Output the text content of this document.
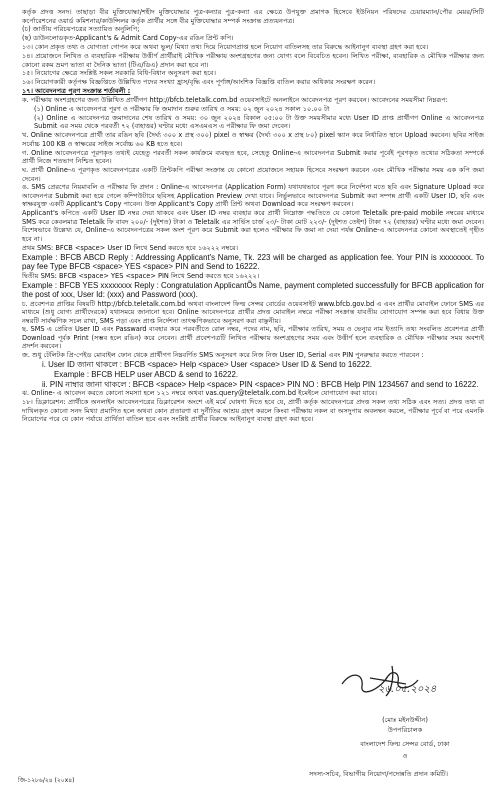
কর্তৃক প্রদত্ত সনদ। তাছাড়া বীর মুক্তিযোদ্ধা/শহীদ মুক্তিযোদ্ধার পুত্র-কন্যার পুত্র-কন্যা এর ক্ষেত্রে উপযুক্ত প্রমাণক হিসেবে ইউনিয়ন পরিষদের চেয়ারম্যান/পৌর মেয়র/সিটি কর্পোরেশনের ওয়ার্ড কমিশনার/কাউন্সিলর কর্তৃক প্রার্থীর সঙ্গে বীর মুক্তিযোদ্ধার সম্পর্ক সংক্রান্ত প্রত্যয়নপত্র।

(চ) জাতীয় পরিচয়পত্রের সত্যায়িত অনুলিপি;

(ছ) ডাউনলোডকৃত-Applicant's & Admit Card Copy-এর রঙিন প্রিন্ট কপি।

১৩। কোন প্রকৃত তথ্য ও যোগ্যতা গোপন করে অথবা ভুল/ মিথ্যা তথ্য দিয়ে নিয়োগপ্রাপ্ত হলে নিয়োগ বাতিলসহ তার বিরুদ্ধে আইনানুগ ব্যবস্থা গ্রহণ করা হবে।

১৪। প্রয়োজনে লিখিত ও ব্যবহারিক পরীক্ষায় উত্তীর্ণ প্রার্থীরাই মৌখিক পরীক্ষায় অংশগ্রহণের জন্য যোগ্য বলে বিবেচিত হবেন। লিখিত পরীক্ষা, ব্যবহারিক ও মৌখিক পরীক্ষার জন্য কোনো রকম ভ্রমণ ভাতা বা দৈনিক ভাতা (টিএ/ডিএ) প্রদান করা হবে না।

১৫। নিয়োগের ক্ষেত্রে সংশ্লিষ্ট সকল সরকারি বিধি-বিধান অনুসরণ করা হবে।

১৬। নিয়োগকারী কর্তৃপক্ষ বিজ্ঞপ্তিতে উল্লিখিত পদের সংখ্যা হ্রাস/বৃদ্ধি এবং পূর্ণাঙ্গ/আংশিক বিজ্ঞপ্তি বাতিল করার অধিকার সংরক্ষণ করেন।

১৭। আবেদনপত্র পূরণ সংক্রান্ত শর্তাবলী :

ক. পরীক্ষায় অংশগ্রহণের জন্য উল্লিখিত প্রার্থীগণ http://bfcb.teletalk.com.bd ওয়েবসাইটে অনলাইনে আবেদনপত্র পূরণ করবেন। আবেদনের সময়সীমা নিম্নরূপ:

(১) Online এ আবেদনপত্র পূরণ ও পরীক্ষার ফি জমাদান শুরুর তারিখ ও সময়: ০২ জুন ২০২৪ সকাল ১০.০০ টা

(২) Online এ আবেদনপত্র জমাদানের শেষ তারিখ ও সময়: ৩০ জুন ২০২৪ বিকাল ০৫:০০ টা উক্ত সময়সীমার মধ্যে User ID প্রাপ্ত প্রার্থীগণ Online এ আবেদনপত্র Submit এর সময় থেকে পরবর্তী ৭২ (বাহাত্তর) ঘণ্টার মধ্যে এসএমএস এ পরীক্ষার ফি জমা দেবেন।

খ. Online আবেদনপত্রে প্রার্থী তার রঙিন ছবি (দৈর্ঘ্য ৩০০ x প্রস্থ ৩০০) pixel ও স্বাক্ষর (দৈর্ঘ্য ৩০০ x প্রস্থ ৮০) pixel স্ক্যান করে নির্ধারিত স্থানে Upload করবেন। ছবির সাইজ সর্বোচ্চ 100 KB ও স্বাক্ষরের সাইজ সর্বোচ্চ ৬০ KB হতে হবে।

গ. Online আবেদনপত্রে পূরণকৃত তথ্যই যেহেতু পরবর্তী সকল কার্যক্রমে ব্যবহৃত হবে, সেহেতু Online-এ আবেদনপত্র Submit করার পূর্বেই পূরণকৃত তথ্যের সঠিকতা সম্পর্কে প্রার্থী নিজে শতভাগ নিশ্চিত হবেন।

ঘ. প্রার্থী Online-এ পূরণকৃত আবেদনপত্রের একটি প্রিন্টকপি পরীক্ষা সংক্রান্ত যে কোনো প্রয়োজনে সহায়ক হিসেবে সংরক্ষণ করবেন এবং মৌখিক পরীক্ষার সময় এক কপি জমা দেবেন।

ঙ. SMS প্রেরণের নিয়মাবলি ও পরীক্ষার ফি প্রদান : Online-এ আবেদনপত্র (Application Form) যথাযথভাবে পূরণ করে নির্দেশনা মতে ছবি এবং Signature Upload করে আবেদনপত্র Submit করা হয়ে গেলে কম্পিউটারে ছবিসহ Application Preview দেখা যাবে। নির্ভুলভাবে আবেদনপত্র Submit করা সম্পন্ন প্রার্থী একটি User ID, ছবি এবং স্বাক্ষরযুক্ত একটি Applicant's Copy পাবেন। উক্ত Applicant's Copy প্রার্থী প্রিন্ট অথবা Download করে সংরক্ষণ করবেন।

Applicant's কপিতে একটি User ID নম্বর দেয়া থাকবে এবং User ID নম্বর ব্যবহার করে প্রার্থী নিম্নোক্ত পদ্ধতিতে যে কোনো Teletalk pre-paid mobile নম্বরের মাধ্যমে SMS করে কেবলমাত্র Teletalk ফি বাবদ ২০০/- (দুইশত) টাকা ও Teletalk এর সার্ভিস চার্জ ২৩/- টাকা মোট ২২৩/- (দুইশত তেইশ) টাকা ৭২ (বাহাত্তর) ঘণ্টার মধ্যে জমা দেবেন। বিশেষভাবে উল্লেখ্য যে, Online-এ আবেদনপত্রের সকল অংশ পূরণ করে Submit করা হলেও পরীক্ষার ফি জমা না দেয়া পর্যন্ত Online-এ আবেদনপত্র কোনো অবস্থাতেই গৃহীত হবে না।

প্রথম SMS: BFCB <space> User ID লিখে Send করতে হবে ১৬২২২ নম্বরে।

Example : BFCB ABCD Reply : Addressing Applicant's Name, Tk. 223 will be charged as application fee. Your PIN is xxxxxxxx. To pay fee Type BFCB <space> YES <space> PIN and Send to 16222.

দ্বিতীয় SMS: BFCB <space> YES <space> PIN লিখে Send করতে হবে ১৬২২২।

Example : BFCB YES xxxxxxxx Reply : Congratulation ApplicantÕs Name, payment completed successfully for BFCB application for the post of xxx, User Id: (xxx) and Password (xxx).

চ. প্রবেশপত্র প্রাপ্তির বিষয়টি http://bfcb.teletalk.com.bd অথবা বাংলাদেশ ফিল্ম সেন্সর বোর্ডের ওয়েবসাইট www.bfcb.gov.bd এ এবং প্রার্থীর মোবাইল ফোনে SMS এর মাধ্যমে (শুধু যোগ্য প্রার্থীদেরকে) যথাসময়ে জানানো হবে। Online আবেদনপত্রে প্রার্থীর প্রদত্ত মোবাইল নম্বরে পরীক্ষা সংক্রান্ত যাবতীয় যোগাযোগ সম্পন্ন করা হবে বিধায় উক্ত নম্বরটি সার্বক্ষণিক সচল রাখা, SMS পড়া এবং প্রাপ্ত নির্দেশনা তাৎক্ষণিকভাবে অনুসরণ করা বাঞ্ছনীয়।

ছ. SMS এ প্রেরিত User ID এবং Passward ব্যবহার করে পরবর্তীতে রোল নম্বর, পদের নাম, ছবি, পরীক্ষার তারিখ, সময় ও ভেন্যুর নাম ইত্যাদি তথ্য সংবলিত প্রবেশপত্র প্রার্থী Download পূর্বক Print (সম্ভব হলে রঙিন) করে নেবেন। প্রার্থী প্রবেশপত্রটি লিখিত পরীক্ষায় অংশগ্রহণের সময় এবং উত্তীর্ণ হলে ব্যবহারিক ও মৌখিক পরীক্ষার সময় অবশ্যই প্রদর্শন করবেন।

জ. শুধু টেলিটক প্রি-পেইড মোবাইল ফোন থেকে প্রার্থীগণ নিম্নবর্ণিত SMS অনুসরণ করে নিজ নিজ User ID, Serial এবং PIN পুনরুদ্ধার করতে পারবেন :

i. User ID জানা থাকলে : BFCB <space> Help <space> User <space> User ID & Send to 16222.

Example : BFCB HELP user ABCD & send to 16222.

ii. PIN নাম্বার জানা থাকলে : BFCB <space> Help <space> PIN <space> PIN NO : BFCB Help PIN 1234567 and send to 16222.

ঝ. Online- এ আবেদন করতে কোনো সমস্যা হলে ১২১ নম্বরে অথবা vas.query@teletalk.com.bd ইমেইলে যোগাযোগ করা যাবে।

১৮। ডিক্লারেশন: প্রার্থীকে অনলাইন আবেদনপত্রের ডিক্লারেশন অংশে এই মর্মে ঘোষণা দিতে হবে যে, প্রার্থী কর্তৃক আবেদনপত্রে প্রদত্ত সকল তথ্য সঠিক এবং সত্য। প্রদত্ত তথ্য বা দাখিলকৃত কোনো সনদ মিথ্যা প্রমাণিত হলে অথবা কোন প্রতারণা বা দুর্নীতির আশ্রয় গ্রহণ করলে কিংবা পরীক্ষায় নকল বা অসদুপায় অবলম্বন করলে, পরীক্ষার পূর্বে বা পরে এমনকি নিয়োগের পরে যে কোন পর্যায়ে প্রার্থিতা বাতিল হবে এবং সংশ্লিষ্ট প্রার্থীর বিরুদ্ধে আইনানুগ ব্যবস্থা গ্রহণ করা হবে।

২৬.০৫.২০২৪
(মোঃ মইনউদ্দীন)
উপপরিচালক
বাংলাদেশ ফিল্ম সেন্সর বোর্ড, ঢাকা
ও
জি-১২৮৬/২৪ (২০x৪)
সদস্য-সচিব, বিভাগীয় নিয়োগ/পদোন্নতি প্রদান কমিটি।
